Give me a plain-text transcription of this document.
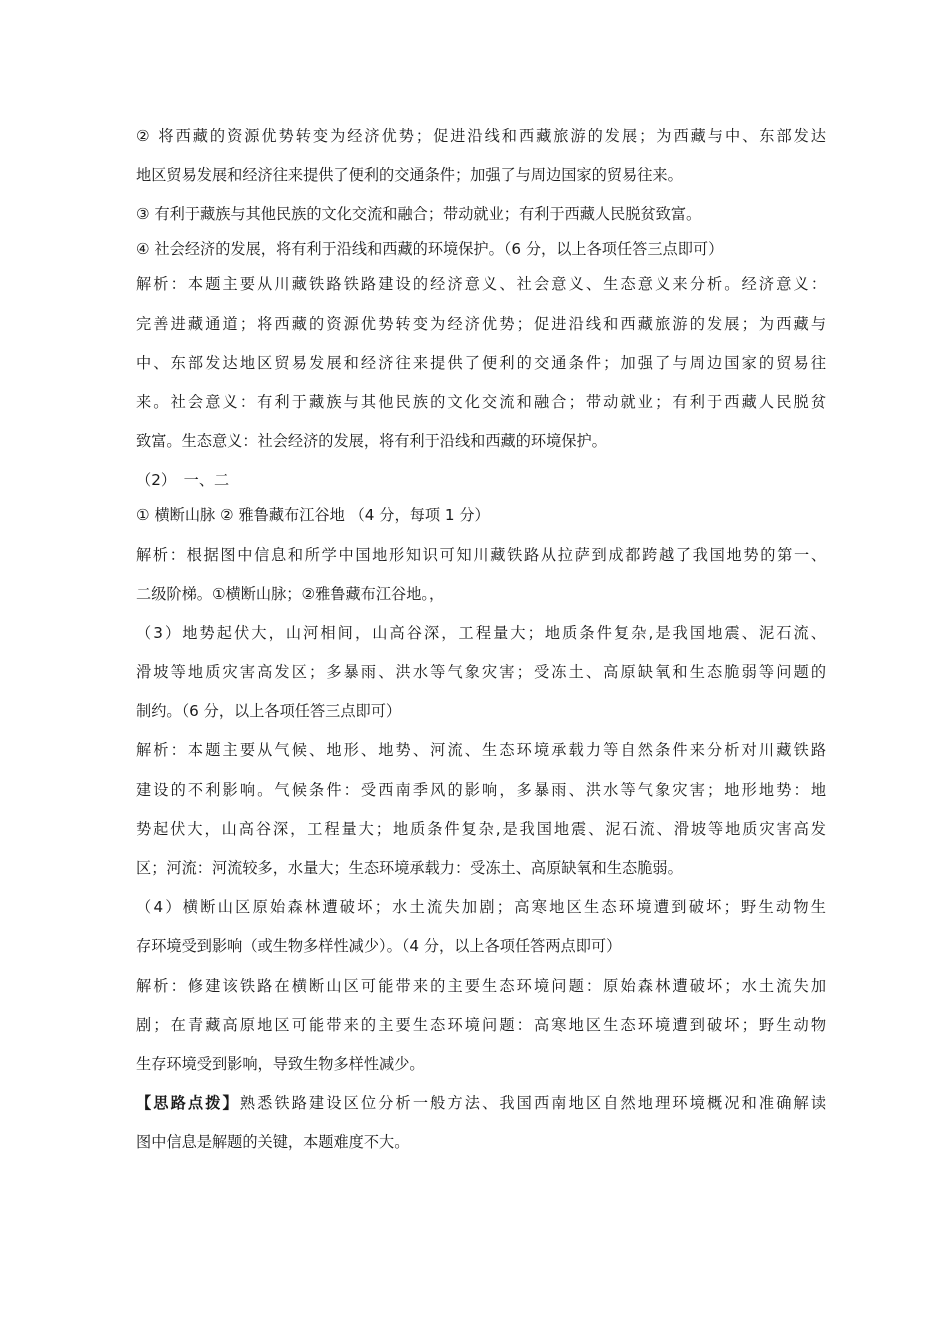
② 将西藏的资源优势转变为经济优势；促进沿线和西藏旅游的发展；为西藏与中、东部发达
地区贸易发展和经济往来提供了便利的交通条件；加强了与周边国家的贸易往来。
③ 有利于藏族与其他民族的文化交流和融合；带动就业；有利于西藏人民脱贫致富。
④ 社会经济的发展，将有利于沿线和西藏的环境保护。（6 分，以上各项任答三点即可）
解析：本题主要从川藏铁路铁路建设的经济意义、社会意义、生态意义来分析。经济意义：
完善进藏通道；将西藏的资源优势转变为经济优势；促进沿线和西藏旅游的发展；为西藏与
中、东部发达地区贸易发展和经济往来提供了便利的交通条件；加强了与周边国家的贸易往
来。社会意义：有利于藏族与其他民族的文化交流和融合；带动就业；有利于西藏人民脱贫
致富。生态意义：社会经济的发展，将有利于沿线和西藏的环境保护。
（2）　一、二
① 横断山脉 ② 雅鲁藏布江谷地 （4 分，每项 1 分）
解析：根据图中信息和所学中国地形知识可知川藏铁路从拉萨到成都跨越了我国地势的第一、
二级阶梯。①横断山脉；②雅鲁藏布江谷地。，
（3）地势起伏大，山河相间，山高谷深，工程量大；地质条件复杂,是我国地震、泥石流、
滑坡等地质灾害高发区；多暴雨、洪水等气象灾害；受冻土、高原缺氧和生态脆弱等问题的
制约。（6 分，以上各项任答三点即可）
解析：本题主要从气候、地形、地势、河流、生态环境承载力等自然条件来分析对川藏铁路
建设的不利影响。气候条件：受西南季风的影响，多暴雨、洪水等气象灾害；地形地势：地
势起伏大，山高谷深，工程量大；地质条件复杂,是我国地震、泥石流、滑坡等地质灾害高发
区；河流：河流较多，水量大；生态环境承载力：受冻土、高原缺氧和生态脆弱。
（4）横断山区原始森林遭破坏；水土流失加剧；高寒地区生态环境遭到破坏；野生动物生
存环境受到影响（或生物多样性减少）。（4 分，以上各项任答两点即可）
解析：修建该铁路在横断山区可能带来的主要生态环境问题：原始森林遭破坏；水土流失加
剧；在青藏高原地区可能带来的主要生态环境问题：高寒地区生态环境遭到破坏；野生动物
生存环境受到影响，导致生物多样性减少。
【思路点拨】熟悉铁路建设区位分析一般方法、我国西南地区自然地理环境概况和准确解读
图中信息是解题的关键，本题难度不大。
